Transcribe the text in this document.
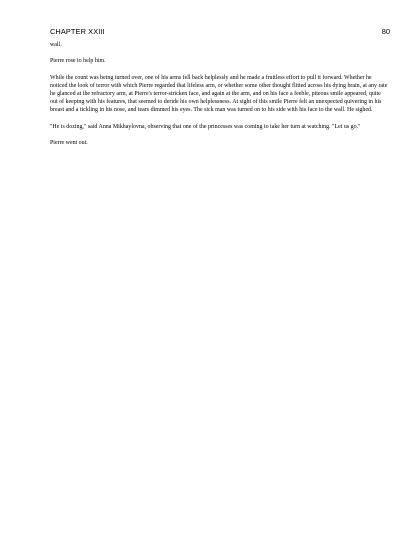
CHAPTER XXIII	80

wall.

Pierre rose to help him.

While the count was being turned over, one of his arms fell back helplessly and he made a fruitless effort to pull it forward. Whether he noticed the look of terror with which Pierre regarded that lifeless arm, or whether some other thought flitted across his dying brain, at any rate he glanced at the refractory arm, at Pierre's terror-stricken face, and again at the arm, and on his face a feeble, piteous smile appeared, quite out of keeping with his features, that seemed to deride his own helplessness. At sight of this smile Pierre felt an unexpected quivering in his breast and a tickling in his nose, and tears dimmed his eyes. The sick man was turned on to his side with his face to the wall. He sighed.

"He is dozing," said Anna Mikhaylovna, observing that one of the princesses was coming to take her turn at watching. "Let us go."

Pierre went out.
